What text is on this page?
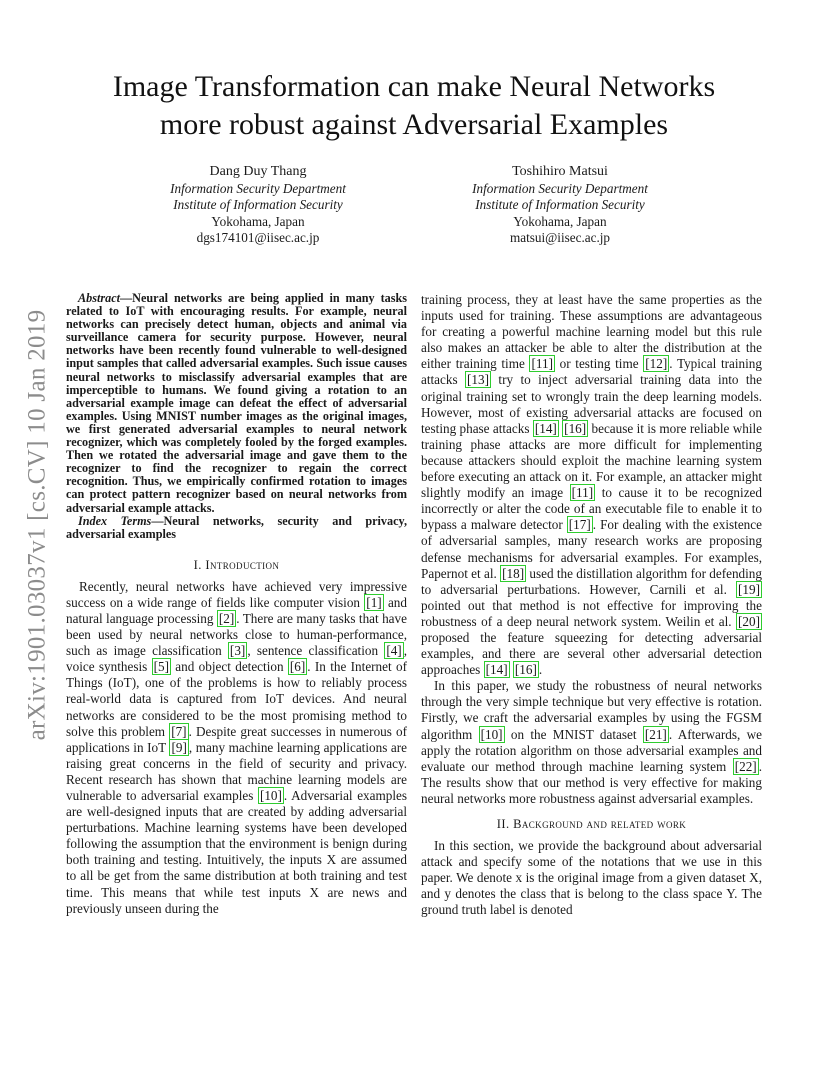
arXiv:1901.03037v1 [cs.CV] 10 Jan 2019
Image Transformation can make Neural Networks
more robust against Adversarial Examples
Dang Duy Thang
Information Security Department
Institute of Information Security
Yokohama, Japan
dgs174101@iisec.ac.jp
Toshihiro Matsui
Information Security Department
Institute of Information Security
Yokohama, Japan
matsui@iisec.ac.jp

Abstract—Neural networks are being applied in many tasks related to IoT with encouraging results. For example, neural networks can precisely detect human, objects and animal via surveillance camera for security purpose. However, neural networks have been recently found vulnerable to well-designed input samples that called adversarial examples. Such issue causes neural networks to misclassify adversarial examples that are imperceptible to humans. We found giving a rotation to an adversarial example image can defeat the effect of adversarial examples. Using MNIST number images as the original images, we first generated adversarial examples to neural network recognizer, which was completely fooled by the forged examples. Then we rotated the adversarial image and gave them to the recognizer to find the recognizer to regain the correct recognition. Thus, we empirically confirmed rotation to images can protect pattern recognizer based on neural networks from adversarial example attacks.

Index Terms—Neural networks, security and privacy, adversarial examples

I. Introduction

Recently, neural networks have achieved very impressive success on a wide range of fields like computer vision [1] and natural language processing [2] . There are many tasks that have been used by neural networks close to human-performance, such as image classification [3] , sentence classification [4] , voice synthesis [5] and object detection [6] . In the Internet of Things (IoT), one of the problems is how to reliably process real-world data is captured from IoT devices. And neural networks are considered to be the most promising method to solve this problem [7] . Despite great successes in numerous of applications in IoT [9] , many machine learning applications are raising great concerns in the field of security and privacy. Recent research has shown that machine learning models are vulnerable to adversarial examples [10] . Adversarial examples are well-designed inputs that are created by adding adversarial perturbations. Machine learning systems have been developed following the assumption that the environment is benign during both training and testing. Intuitively, the inputs X are assumed to all be get from the same distribution at both training and test time. This means that while test inputs X are news and previously unseen during the

training process, they at least have the same properties as the inputs used for training. These assumptions are advantageous for creating a powerful machine learning model but this rule also makes an attacker be able to alter the distribution at the either training time [11] or testing time [12] . Typical training attacks [13] try to inject adversarial training data into the original training set to wrongly train the deep learning models. However, most of existing adversarial attacks are focused on testing phase attacks [14] [16] because it is more reliable while training phase attacks are more difficult for implementing because attackers should exploit the machine learning system before executing an attack on it. For example, an attacker might slightly modify an image [11] to cause it to be recognized incorrectly or alter the code of an executable file to enable it to bypass a malware detector [17] . For dealing with the existence of adversarial samples, many research works are proposing defense mechanisms for adversarial examples. For examples, Papernot et al. [18] used the distillation algorithm for defending to adversarial perturbations. However, Carnili et al. [19] pointed out that method is not effective for improving the robustness of a deep neural network system. Weilin et al. [20] proposed the feature squeezing for detecting adversarial examples, and there are several other adversarial detection approaches [14] [16] .

In this paper, we study the robustness of neural networks through the very simple technique but very effective is rotation. Firstly, we craft the adversarial examples by using the FGSM algorithm [10] on the MNIST dataset [21] . Afterwards, we apply the rotation algorithm on those adversarial examples and evaluate our method through machine learning system [22] . The results show that our method is very effective for making neural networks more robustness against adversarial examples.

II. Background and related work

In this section, we provide the background about adversarial attack and specify some of the notations that we use in this paper. We denote x is the original image from a given dataset X, and y denotes the class that is belong to the class space Y. The ground truth label is denoted
